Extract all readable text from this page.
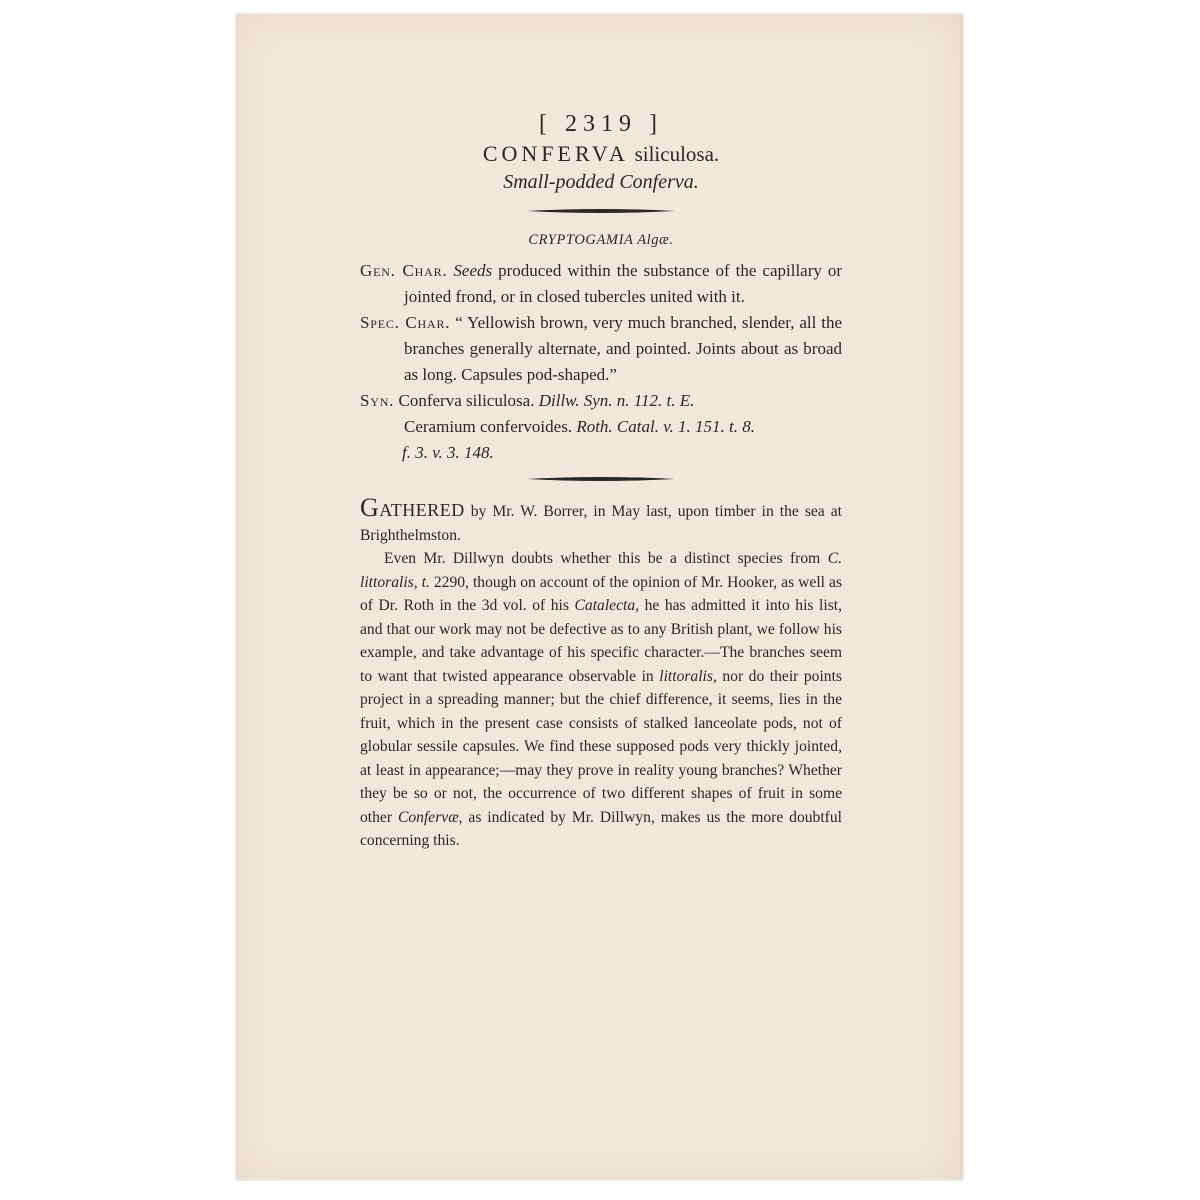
[ 2319 ]
CONFERVA siliculosa.
Small-podded Conferva.
CRYPTOGAMIA Algæ.

Gen. Char. Seeds produced within the substance of the capillary or jointed frond, or in closed tubercles united with it.

Spec. Char. “ Yellowish brown, very much branched, slender, all the branches generally alternate, and pointed. Joints about as broad as long. Capsules pod-shaped.”

Syn. Conferva siliculosa. Dillw. Syn. n. 112. t. E.

Ceramium confervoides. Roth. Catal. v. 1. 151. t. 8.

f. 3. v. 3. 148.

Gathered by Mr. W. Borrer, in May last, upon timber in the sea at Brighthelmston.

Even Mr. Dillwyn doubts whether this be a distinct species from C. littoralis, t. 2290, though on account of the opinion of Mr. Hooker, as well as of Dr. Roth in the 3d vol. of his Catalecta, he has admitted it into his list, and that our work may not be defective as to any British plant, we follow his example, and take advantage of his specific character.—The branches seem to want that twisted appearance observable in littoralis, nor do their points project in a spreading manner; but the chief difference, it seems, lies in the fruit, which in the present case consists of stalked lanceolate pods, not of globular sessile capsules. We find these supposed pods very thickly jointed, at least in appearance;—may they prove in reality young branches? Whether they be so or not, the occurrence of two different shapes of fruit in some other Confervæ, as indicated by Mr. Dillwyn, makes us the more doubtful concerning this.
